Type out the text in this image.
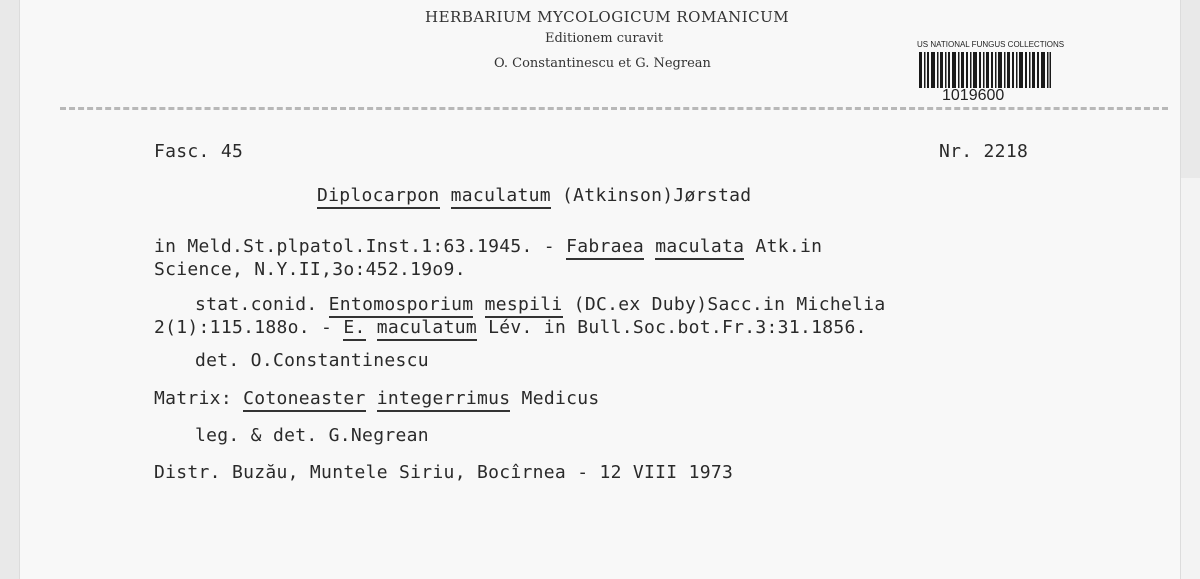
HERBARIUM MYCOLOGICUM ROMANICUM
Editionem curavit
O. Constantinescu et G. Negrean
US NATIONAL FUNGUS COLLECTIONS
1019600
Fasc. 45	Nr. 2218
Diplocarpon maculatum (Atkinson)Jørstad
in Meld.St.plpatol.Inst.1:63.1945. - Fabraea maculata Atk.in
Science, N.Y.II,3o:452.19o9.
stat.conid. Entomosporium mespili (DC.ex Duby)Sacc.in Michelia
2(1):115.188o. - E. maculatum Lév. in Bull.Soc.bot.Fr.3:31.1856.
det. O.Constantinescu
Matrix: Cotoneaster integerrimus Medicus
leg. & det. G.Negrean
Distr. Buzău, Muntele Siriu, Bocîrnea - 12 VIII 1973
